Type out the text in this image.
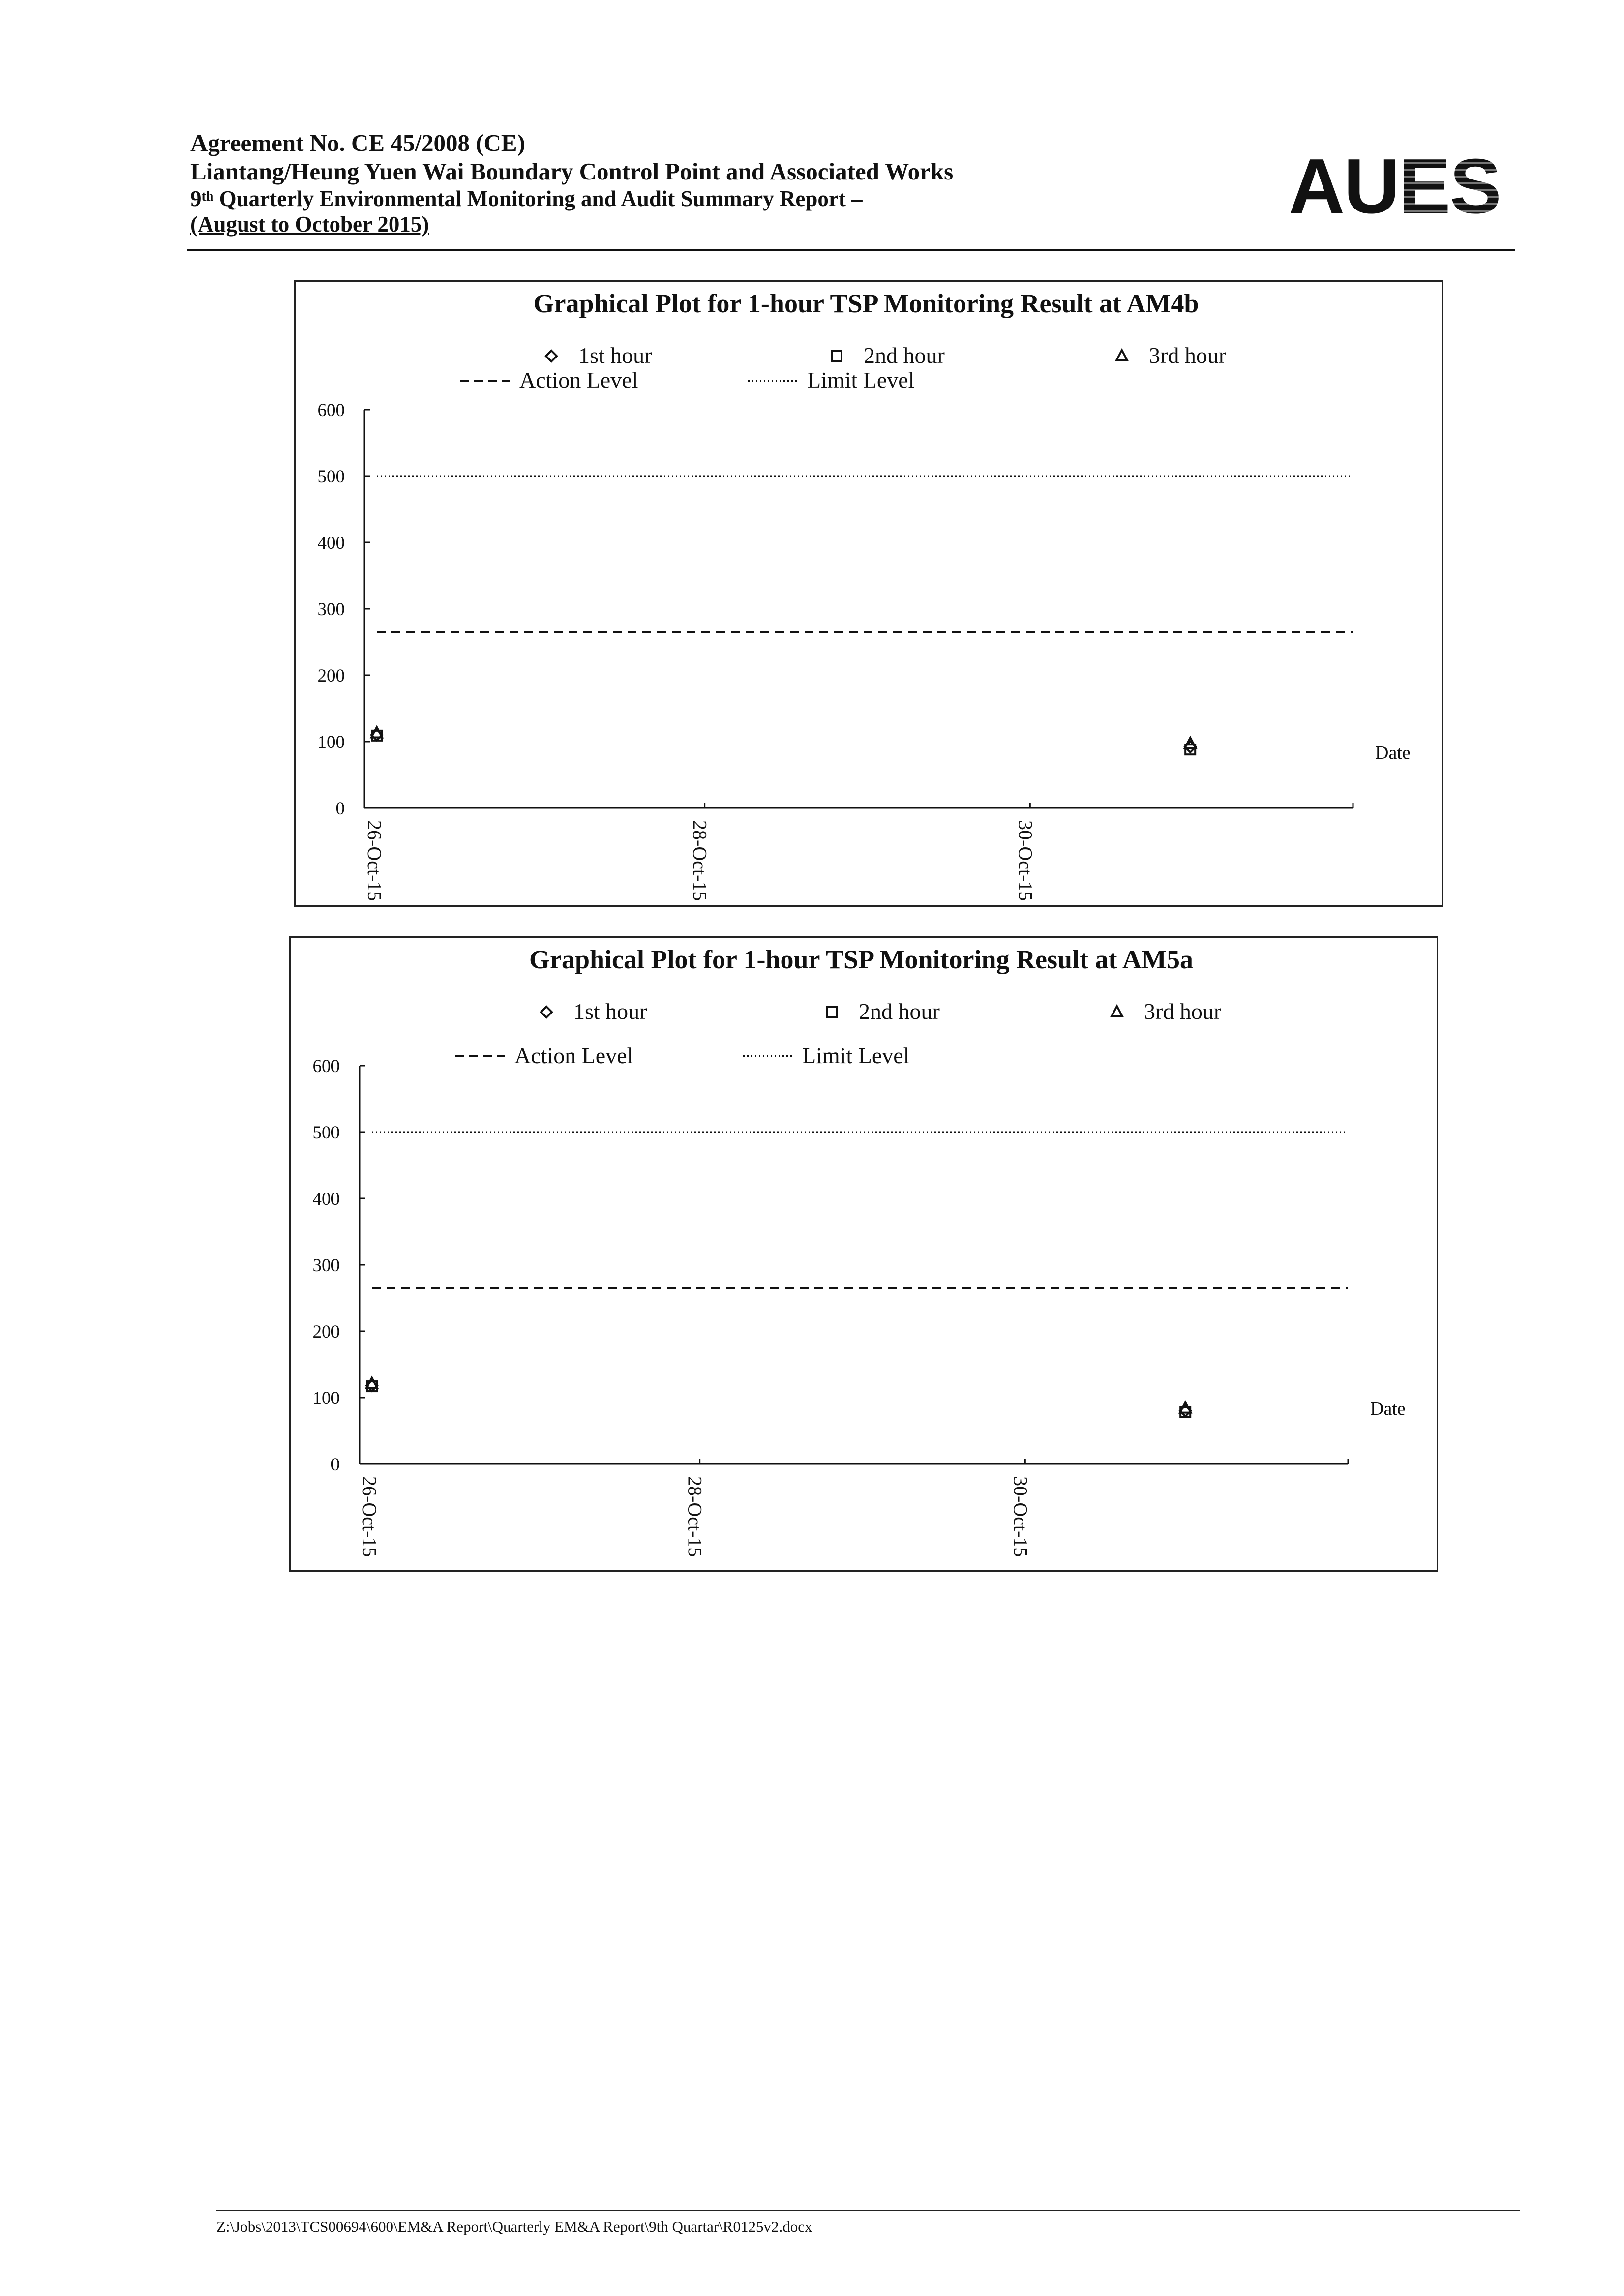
Agreement No. CE 45/2008 (CE)
Liantang/Heung Yuen Wai Boundary Control Point and Associated Works
9th Quarterly Environmental Monitoring and Audit Summary Report –
(August to October 2015)	AUES
Graphical Plot for 1-hour TSP Monitoring Result at AM4b
1st hour	2nd hour	3rd hour
Action Level	Limit Level
0
100
200
300
400
500
600
26-Oct-15	28-Oct-15	30-Oct-15
Date
Graphical Plot for 1-hour TSP Monitoring Result at AM5a
1st hour	2nd hour	3rd hour
Action Level	Limit Level
0
100
200
300
400
500
600
26-Oct-15	28-Oct-15	30-Oct-15
Date
Z:\Jobs\2013\TCS00694\600\EM&A Report\Quarterly EM&A Report\9th Quartar\R0125v2.docx
